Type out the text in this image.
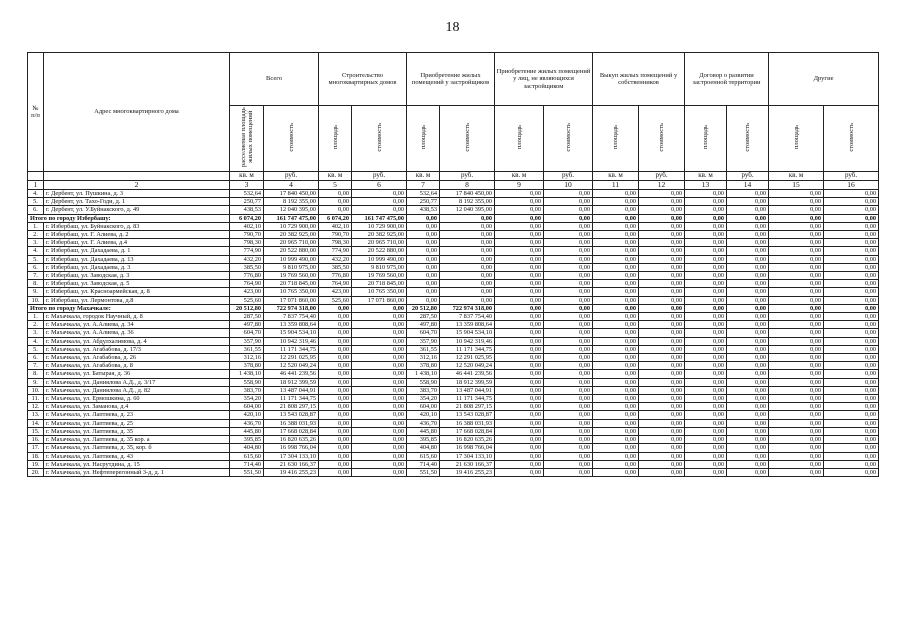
18
№ п/п	Адрес многоквартирного дома	Всего		Строительство многоквартирных домов		Приобретение жилых помещений у застройщиков		Приобретение жилых помещений у лиц, не являющихся застройщиком		Выкуп жилых помещений у собственников		Договор о развитии застроенной территории		Другие	
		расселяемая площадь жилых помещений	стоимость	площадь	стоимость	площадь	стоимость	площадь	стоимость	площадь	стоимость	площадь	стоимость	площадь	стоимость
		кв. м	руб.	кв. м	руб.	кв. м	руб.	кв. м	руб.	кв. м	руб.	кв. м	руб.	кв. м	руб.
1	2	3	4	5	6	7	8	9	10	11	12	13	14	15	16
4.	г. Дербент, ул. Пушкина, д. 3	532,64	17 840 450,00	0,00	0,00	532,64	17 840 450,00	0,00	0,00	0,00	0,00	0,00	0,00	0,00	0,00
5.	г. Дербент, ул. Тахо-Годи, д. 1	250,77	8 192 355,00	0,00	0,00	250,77	8 192 355,00	0,00	0,00	0,00	0,00	0,00	0,00	0,00	0,00
6.	г. Дербент, ул. У.Буйнакского, д. 49	438,53	12 040 395,00	0,00	0,00	438,53	12 040 395,00	0,00	0,00	0,00	0,00	0,00	0,00	0,00	0,00
Итого по городу Избербашу:		6 074,20	161 747 475,00	6 074,20	161 747 475,00	0,00	0,00	0,00	0,00	0,00	0,00	0,00	0,00	0,00	0,00
1.	г. Избербаш, ул. Буйнакского, д. 83	402,10	10 729 900,00	402,10	10 729 900,00	0,00	0,00	0,00	0,00	0,00	0,00	0,00	0,00	0,00	0,00
2.	г. Избербаш, ул. Г. Алиева, д. 2	790,70	20 382 925,00	790,70	20 382 925,00	0,00	0,00	0,00	0,00	0,00	0,00	0,00	0,00	0,00	0,00
3.	г. Избербаш, ул. Г. Алиева, д.4	798,30	20 965 710,00	798,30	20 965 710,00	0,00	0,00	0,00	0,00	0,00	0,00	0,00	0,00	0,00	0,00
4.	г. Избербаш, ул. Дахадаева, д. 1	774,90	20 522 880,00	774,90	20 522 880,00	0,00	0,00	0,00	0,00	0,00	0,00	0,00	0,00	0,00	0,00
5.	г. Избербаш, ул. Дахадаева, д. 13	432,20	10 999 490,00	432,20	10 999 490,00	0,00	0,00	0,00	0,00	0,00	0,00	0,00	0,00	0,00	0,00
6.	г. Избербаш, ул. Дахадаева, д. 3	385,50	9 810 975,00	385,50	9 810 975,00	0,00	0,00	0,00	0,00	0,00	0,00	0,00	0,00	0,00	0,00
7.	г. Избербаш, ул. Заводская, д. 3	776,80	19 769 560,00	776,80	19 769 560,00	0,00	0,00	0,00	0,00	0,00	0,00	0,00	0,00	0,00	0,00
8.	г. Избербаш, ул. Заводская, д. 5	764,90	20 718 845,00	764,90	20 718 845,00	0,00	0,00	0,00	0,00	0,00	0,00	0,00	0,00	0,00	0,00
9.	г. Избербаш, ул. Красноармейская, д. 8	423,00	10 765 350,00	423,00	10 765 350,00	0,00	0,00	0,00	0,00	0,00	0,00	0,00	0,00	0,00	0,00
10.	г. Избербаш, ул. Лермонтова, д.8	525,60	17 071 860,00	525,60	17 071 860,00	0,00	0,00	0,00	0,00	0,00	0,00	0,00	0,00	0,00	0,00
Итого по городу Махачкале:		20 512,80	722 974 318,00	0,00	0,00	20 512,80	722 974 318,00	0,00	0,00	0,00	0,00	0,00	0,00	0,00	0,00
1.	г. Махачкала, городок Научный, д. 8	287,50	7 837 754,40	0,00	0,00	287,50	7 837 754,40	0,00	0,00	0,00	0,00	0,00	0,00	0,00	0,00
2.	г. Махачкала, ул. А.Алиева, д. 34	497,80	13 359 808,64	0,00	0,00	497,80	13 359 808,64	0,00	0,00	0,00	0,00	0,00	0,00	0,00	0,00
3.	г. Махачкала, ул. А.Алиева, д. 36	604,70	15 904 534,10	0,00	0,00	604,70	15 904 534,10	0,00	0,00	0,00	0,00	0,00	0,00	0,00	0,00
4.	г. Махачкала, ул. Абдулхалимова, д. 4	357,90	10 942 319,46	0,00	0,00	357,90	10 942 319,46	0,00	0,00	0,00	0,00	0,00	0,00	0,00	0,00
5.	г. Махачкала, ул. Агабабова, д. 17/3	361,55	11 171 344,75	0,00	0,00	361,55	11 171 344,75	0,00	0,00	0,00	0,00	0,00	0,00	0,00	0,00
6.	г. Махачкала, ул. Агабабова, д. 26	312,16	12 291 025,95	0,00	0,00	312,16	12 291 025,95	0,00	0,00	0,00	0,00	0,00	0,00	0,00	0,00
7.	г. Махачкала, ул. Агабабова, д. 8	378,80	12 520 049,24	0,00	0,00	378,80	12 520 049,24	0,00	0,00	0,00	0,00	0,00	0,00	0,00	0,00
8.	г. Махачкала, ул. Батырая, д. 36	1 438,10	46 441 239,56	0,00	0,00	1 438,10	46 441 239,56	0,00	0,00	0,00	0,00	0,00	0,00	0,00	0,00
9.	г. Махачкала, ул. Даниялова А.Д., д. 3/17	558,90	18 912 399,59	0,00	0,00	558,90	18 912 399,59	0,00	0,00	0,00	0,00	0,00	0,00	0,00	0,00
10.	г. Махачкала, ул. Даниялова А.Д., д. 82	383,70	13 487 044,91	0,00	0,00	383,70	13 487 044,91	0,00	0,00	0,00	0,00	0,00	0,00	0,00	0,00
11.	г. Махачкала, ул. Ермошкина, д. 60	354,20	11 171 344,75	0,00	0,00	354,20	11 171 344,75	0,00	0,00	0,00	0,00	0,00	0,00	0,00	0,00
12.	г. Махачкала, ул. Заманова, д.4	604,00	21 808 297,15	0,00	0,00	604,00	21 808 297,15	0,00	0,00	0,00	0,00	0,00	0,00	0,00	0,00
13.	г. Махачкала, ул. Лаптиева, д. 23	420,10	13 543 028,87	0,00	0,00	420,10	13 543 028,87	0,00	0,00	0,00	0,00	0,00	0,00	0,00	0,00
14.	г. Махачкала, ул. Лаптиева, д. 25	436,70	16 388 031,93	0,00	0,00	436,70	16 388 031,93	0,00	0,00	0,00	0,00	0,00	0,00	0,00	0,00
15.	г. Махачкала, ул. Лаптиева, д. 35	445,80	17 668 028,84	0,00	0,00	445,80	17 668 028,84	0,00	0,00	0,00	0,00	0,00	0,00	0,00	0,00
16.	г. Махачкала, ул. Лаптиева, д. 35 кор. а	395,85	16 820 635,26	0,00	0,00	395,85	16 820 635,26	0,00	0,00	0,00	0,00	0,00	0,00	0,00	0,00
17.	г. Махачкала, ул. Лаптиева, д. 35, кор. б	404,80	16 998 766,04	0,00	0,00	404,80	16 998 766,04	0,00	0,00	0,00	0,00	0,00	0,00	0,00	0,00
18.	г. Махачкала, ул. Лаптиева, д. 43	615,60	17 304 133,10	0,00	0,00	615,60	17 304 133,10	0,00	0,00	0,00	0,00	0,00	0,00	0,00	0,00
19.	г. Махачкала, ул. Насрутдина, д. 15	714,40	21 630 166,37	0,00	0,00	714,40	21 630 166,37	0,00	0,00	0,00	0,00	0,00	0,00	0,00	0,00
20.	г. Махачкала, ул. Нефтеперегонный 3-д, д. 1	551,50	19 416 255,23	0,00	0,00	551,50	19 416 255,23	0,00	0,00	0,00	0,00	0,00	0,00	0,00	0,00
